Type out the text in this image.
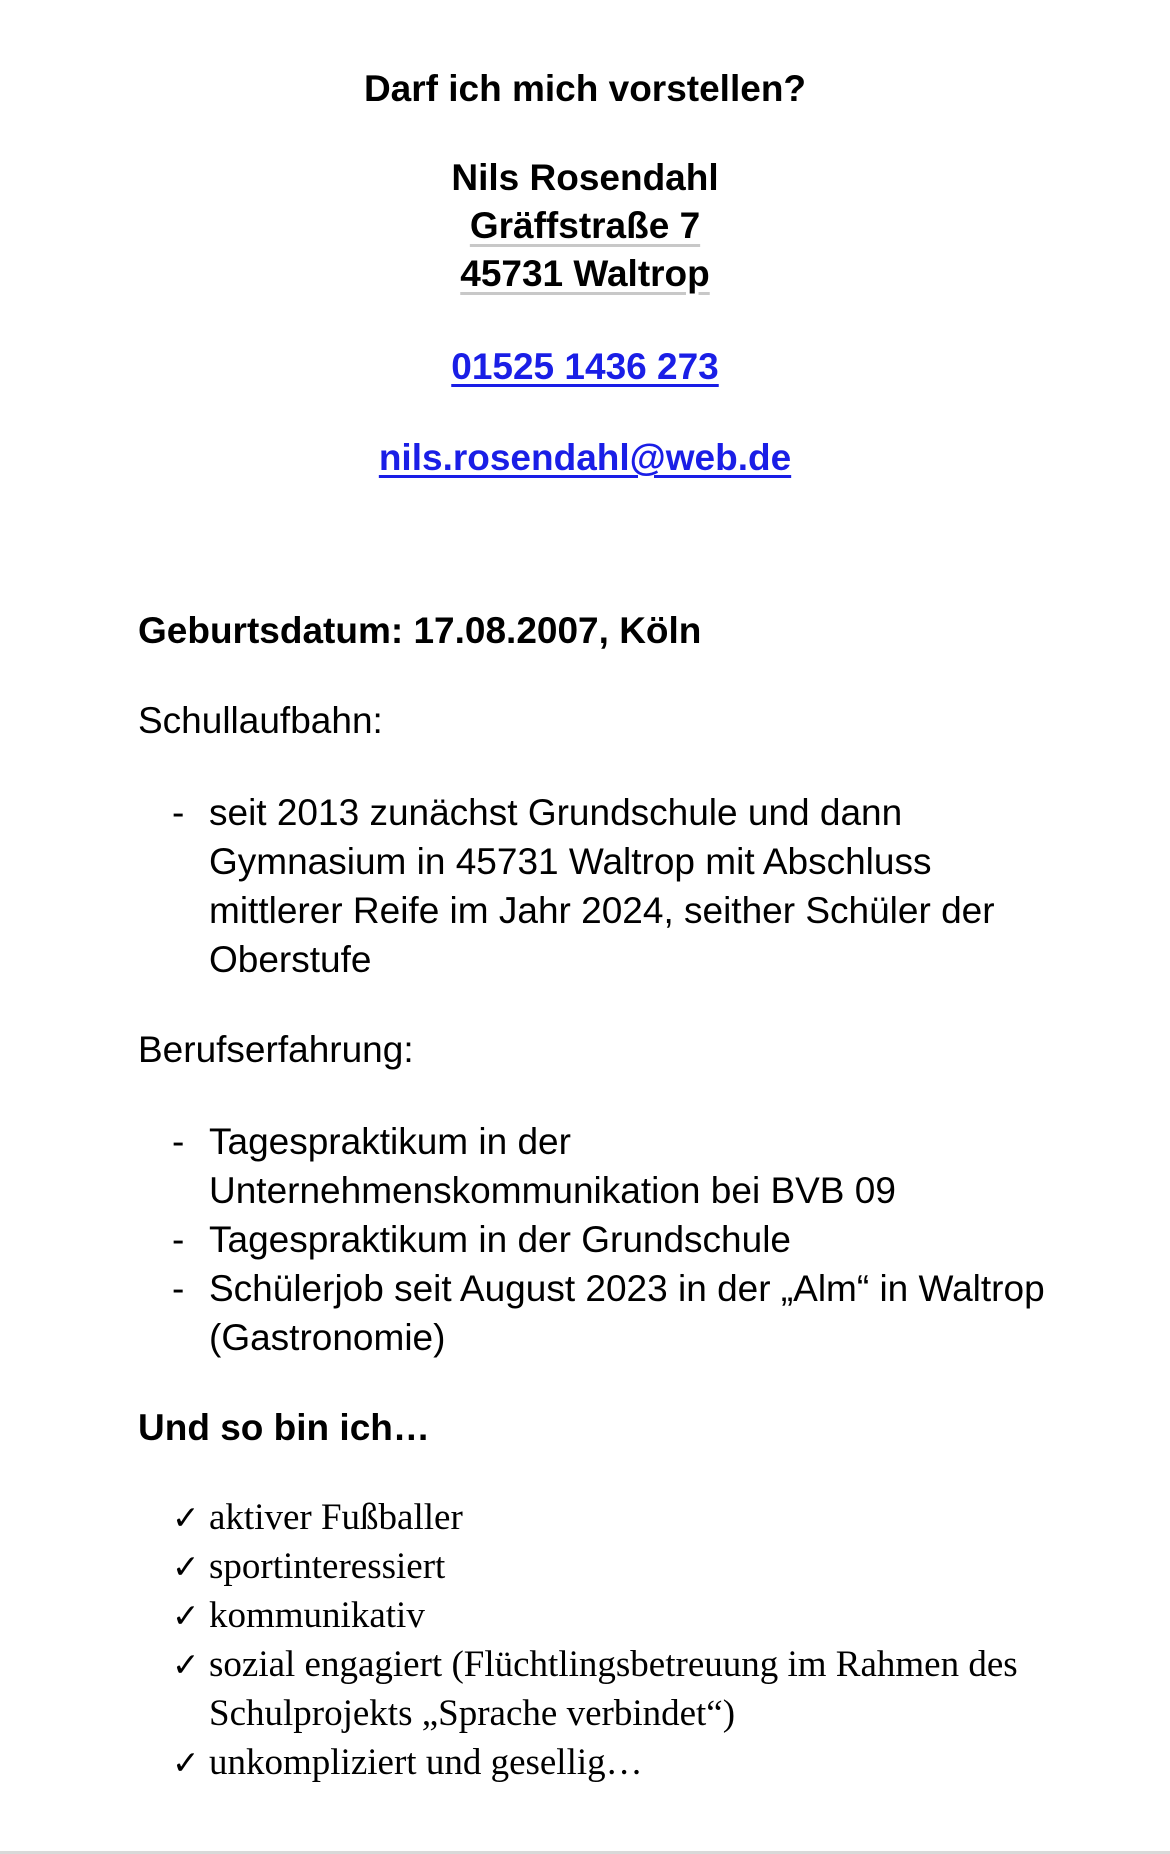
Darf ich mich vorstellen?
Nils Rosendahl
Gräffstraße 7
45731 Waltrop
01525 1436 273
nils.rosendahl@web.de
Geburtsdatum: 17.08.2007, Köln
Schullaufbahn:
- seit 2013 zunächst Grundschule und dann Gymnasium in 45731 Waltrop mit Abschluss mittlerer Reife im Jahr 2024, seither Schüler der Oberstufe
Berufserfahrung:
- Tagespraktikum in der Unternehmenskommunikation bei BVB 09
- Tagespraktikum in der Grundschule
- Schülerjob seit August 2023 in der „Alm“ in Waltrop (Gastronomie)
Und so bin ich…
✓ aktiver Fußballer
✓ sportinteressiert
✓ kommunikativ
✓ sozial engagiert (Flüchtlingsbetreuung im Rahmen des Schulprojekts „Sprache verbindet“)
✓ unkompliziert und gesellig…
